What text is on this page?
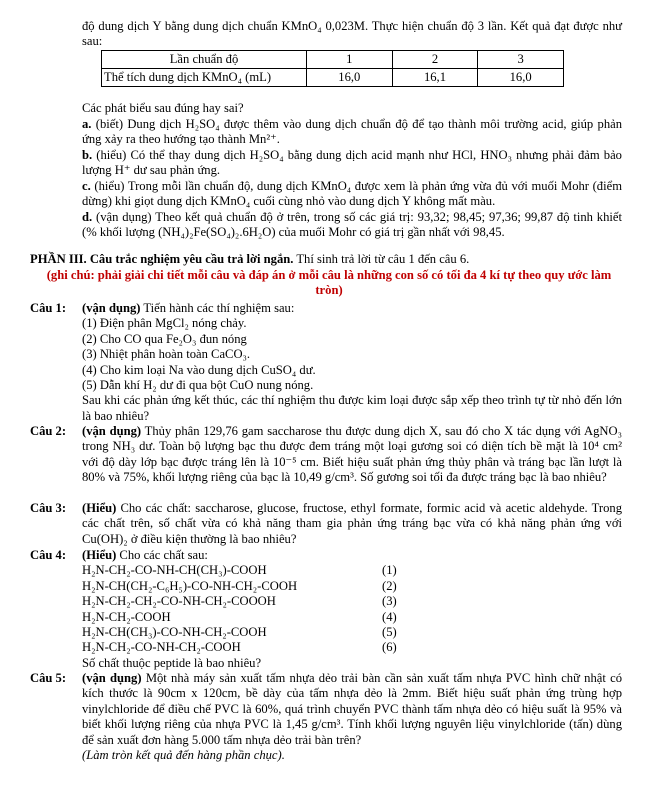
độ dung dịch Y bằng dung dịch chuẩn KMnO₄ 0,023M. Thực hiện chuẩn độ 3 lần. Kết quả đạt được như sau:
Lần chuẩn độ	1	2	3
Thể tích dung dịch KMnO₄ (mL)	16,0	16,1	16,0
Các phát biểu sau đúng hay sai?
a. (biết) Dung dịch H₂SO₄ được thêm vào dung dịch chuẩn độ để tạo thành môi trường acid, giúp phản ứng xảy ra theo hướng tạo thành Mn²⁺.
b. (hiểu) Có thể thay dung dịch H₂SO₄ bằng dung dịch acid mạnh như HCl, HNO₃ nhưng phải đảm bảo lượng H⁺ dư sau phản ứng.
c. (hiểu) Trong mỗi lần chuẩn độ, dung dịch KMnO₄ được xem là phản ứng vừa đủ với muối Mohr (điểm dừng) khi giọt dung dịch KMnO₄ cuối cùng nhỏ vào dung dịch Y không mất màu.
d. (vận dụng) Theo kết quả chuẩn độ ở trên, trong số các giá trị: 93,32; 98,45; 97,36; 99,87 độ tinh khiết (% khối lượng (NH₄)₂Fe(SO₄)₂.6H₂O) của muối Mohr có giá trị gần nhất với 98,45.
PHẦN III. Câu trắc nghiệm yêu cầu trả lời ngắn. Thí sinh trả lời từ câu 1 đến câu 6.
(ghi chú: phải giải chi tiết mỗi câu và đáp án ở mỗi câu là những con số có tối đa 4 kí tự theo quy ước làm tròn)
Câu 1: (vận dụng) Tiến hành các thí nghiệm sau:
(1) Điện phân MgCl₂ nóng chảy.
(2) Cho CO qua Fe₂O₃ đun nóng
(3) Nhiệt phân hoàn toàn CaCO₃.
(4) Cho kim loại Na vào dung dịch CuSO₄ dư.
(5) Dẫn khí H₂ dư đi qua bột CuO nung nóng.
Sau khi các phản ứng kết thúc, các thí nghiệm thu được kim loại được sắp xếp theo trình tự từ nhỏ đến lớn là bao nhiêu?
Câu 2: (vận dụng) Thủy phân 129,76 gam saccharose thu được dung dịch X, sau đó cho X tác dụng với AgNO₃ trong NH₃ dư. Toàn bộ lượng bạc thu được đem tráng một loại gương soi có diện tích bề mặt là 10⁴ cm² với độ dày lớp bạc được tráng lên là 10⁻⁵ cm. Biết hiệu suất phản ứng thủy phân và tráng bạc lần lượt là 80% và 75%, khối lượng riêng của bạc là 10,49 g/cm³. Số gương soi tối đa được tráng bạc là bao nhiêu?
Câu 3: (Hiểu) Cho các chất: saccharose, glucose, fructose, ethyl formate, formic acid và acetic aldehyde. Trong các chất trên, số chất vừa có khả năng tham gia phản ứng tráng bạc vừa có khả năng phản ứng với Cu(OH)₂ ở điều kiện thường là bao nhiêu?
Câu 4: (Hiểu) Cho các chất sau:
H₂N-CH₂-CO-NH-CH(CH₃)-COOH	(1)
H₂N-CH(CH₂-C₆H₅)-CO-NH-CH₂-COOH	(2)
H₂N-CH₂-CH₂-CO-NH-CH₂-COOOH	(3)
H₂N-CH₂-COOH	(4)
H₂N-CH(CH₃)-CO-NH-CH₂-COOH	(5)
H₂N-CH₂-CO-NH-CH₂-COOH	(6)
Số chất thuộc peptide là bao nhiêu?
Câu 5: (vận dụng) Một nhà máy sản xuất tấm nhựa dẻo trải bàn cần sản xuất tấm nhựa PVC hình chữ nhật có kích thước là 90cm x 120cm, bề dày của tấm nhựa dẻo là 2mm. Biết hiệu suất phản ứng trùng hợp vinylchloride để điều chế PVC là 60%, quá trình chuyển PVC thành tấm nhựa dẻo có hiệu suất là 95% và biết khối lượng riêng của nhựa PVC là 1,45 g/cm³. Tính khối lượng nguyên liệu vinylchloride (tấn) dùng để sản xuất đơn hàng 5.000 tấm nhựa dẻo trải bàn trên?
(Làm tròn kết quả đến hàng phần chục).
